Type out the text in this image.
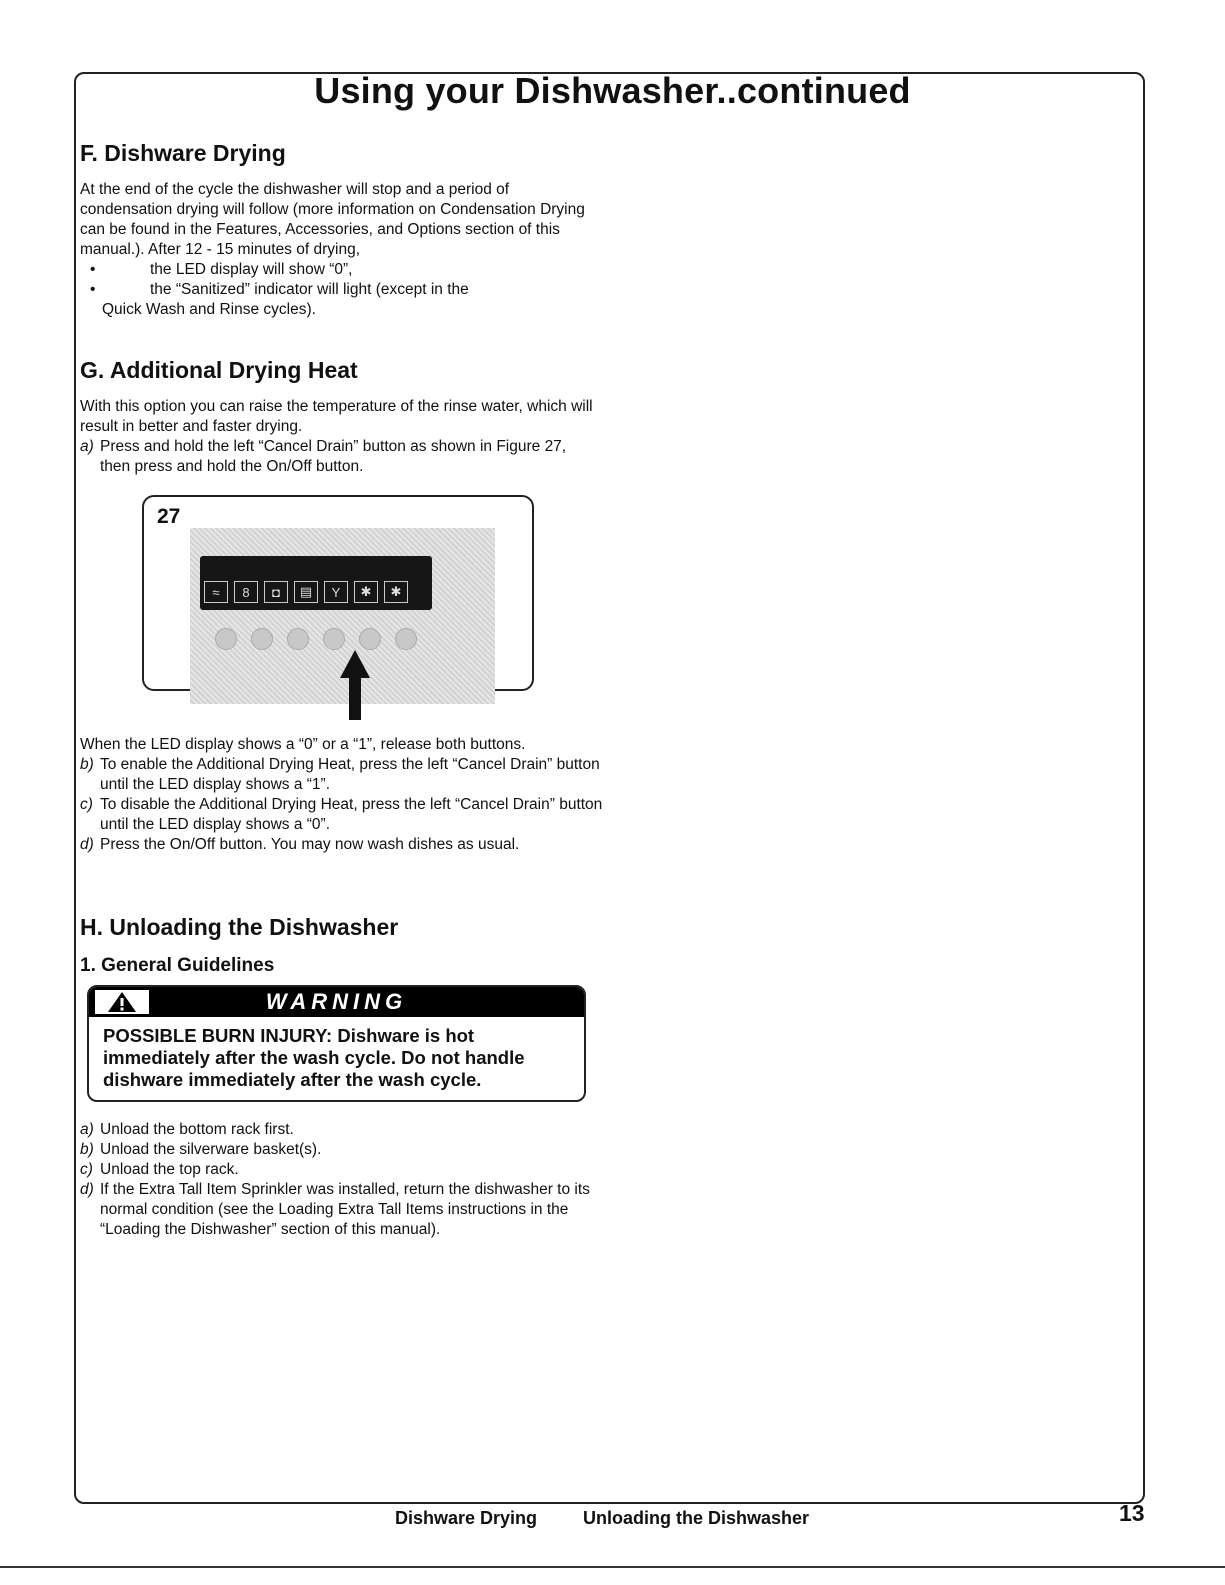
Using your Dishwasher..continued
F. Dishware Drying

At the end of the cycle the dishwasher will stop and a period of condensation drying will follow (more information on Condensation Drying can be found in the Features, Accessories, and Options section of this manual.). After 12 - 15 minutes of drying,

•	the LED display will show “0”,
•	the “Sanitized” indicator will light (except in the

Quick Wash and Rinse cycles).

G. Additional Drying Heat

With this option you can raise the temperature of the rinse water, which will result in better and faster drying.

a) Press and hold the left “Cancel Drain” button as shown in Figure 27, then press and hold the On/Off button.
27
≈	8	◘	▤	Y	✱	✱

When the LED display shows a “0” or a “1”, release both buttons.

b) To enable the Additional Drying Heat, press the left “Cancel Drain” button until the LED display shows a “1”.
c) To disable the Additional Drying Heat, press the left “Cancel Drain” button until the LED display shows a “0”.
d) Press the On/Off button. You may now wash dishes as usual.
H. Unloading the Dishwasher
1. General Guidelines
WARNING
POSSIBLE BURN INJURY: Dishware is hot immediately after the wash cycle. Do not handle dishware immediately after the wash cycle.
a) Unload the bottom rack first.
b) Unload the silverware basket(s).
c) Unload the top rack.
d) If the Extra Tall Item Sprinkler was installed, return the dishwasher to its normal condition (see the Loading Extra Tall Items instructions in the “Loading the Dishwasher” section of this manual).
Dishware Drying	Unloading the Dishwasher	13
